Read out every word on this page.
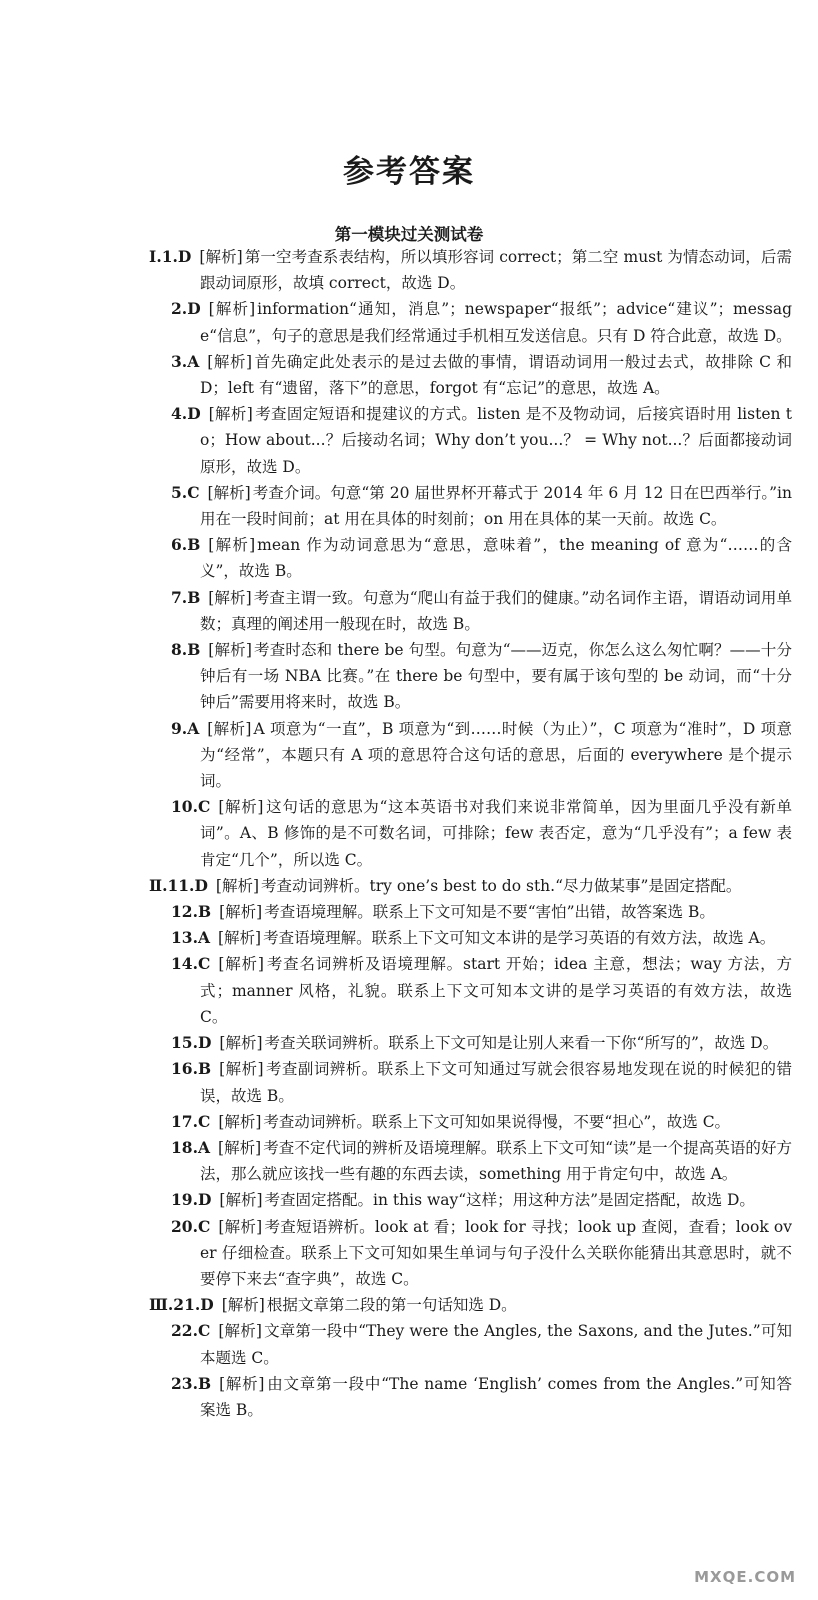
参考答案
第一模块过关测试卷

Ⅰ.1.D [解析] 第一空考查系表结构，所以填形容词 correct；第二空 must 为情态动词，后需跟动词原形，故填 correct，故选 D。

2.D [解析] information“通知，消息”；newspaper“报纸”；advice“建议”；message“信息”，句子的意思是我们经常通过手机相互发送信息。只有 D 符合此意，故选 D。

3.A [解析] 首先确定此处表示的是过去做的事情，谓语动词用一般过去式，故排除 C 和 D；left 有“遗留，落下”的意思，forgot 有“忘记”的意思，故选 A。

4.D [解析] 考查固定短语和提建议的方式。listen 是不及物动词，后接宾语时用 listen to；How about...？后接动名词；Why don’t you...？ = Why not...？后面都接动词原形，故选 D。

5.C [解析] 考查介词。句意“第 20 届世界杯开幕式于 2014 年 6 月 12 日在巴西举行。”in 用在一段时间前；at 用在具体的时刻前；on 用在具体的某一天前。故选 C。

6.B [解析] mean 作为动词意思为“意思，意味着”，the meaning of 意为“……的含义”，故选 B。

7.B [解析] 考查主谓一致。句意为“爬山有益于我们的健康。”动名词作主语，谓语动词用单数；真理的阐述用一般现在时，故选 B。

8.B [解析] 考查时态和 there be 句型。句意为“——迈克，你怎么这么匆忙啊？——十分钟后有一场 NBA 比赛。”在 there be 句型中，要有属于该句型的 be 动词，而“十分钟后”需要用将来时，故选 B。

9.A [解析] A 项意为“一直”，B 项意为“到……时候（为止）”，C 项意为“准时”，D 项意为“经常”，本题只有 A 项的意思符合这句话的意思，后面的 everywhere 是个提示词。

10.C [解析] 这句话的意思为“这本英语书对我们来说非常简单，因为里面几乎没有新单词”。A、B 修饰的是不可数名词，可排除；few 表否定，意为“几乎没有”；a few 表肯定“几个”，所以选 C。

Ⅱ.11.D [解析] 考查动词辨析。try one’s best to do sth.“尽力做某事”是固定搭配。

12.B [解析] 考查语境理解。联系上下文可知是不要“害怕”出错，故答案选 B。

13.A [解析] 考查语境理解。联系上下文可知文本讲的是学习英语的有效方法，故选 A。

14.C [解析] 考查名词辨析及语境理解。start 开始；idea 主意，想法；way 方法，方式；manner 风格，礼貌。联系上下文可知本文讲的是学习英语的有效方法，故选 C。

15.D [解析] 考查关联词辨析。联系上下文可知是让别人来看一下你“所写的”，故选 D。

16.B [解析] 考查副词辨析。联系上下文可知通过写就会很容易地发现在说的时候犯的错误，故选 B。

17.C [解析] 考查动词辨析。联系上下文可知如果说得慢，不要“担心”，故选 C。

18.A [解析] 考查不定代词的辨析及语境理解。联系上下文可知“读”是一个提高英语的好方法，那么就应该找一些有趣的东西去读，something 用于肯定句中，故选 A。

19.D [解析] 考查固定搭配。in this way“这样；用这种方法”是固定搭配，故选 D。

20.C [解析] 考查短语辨析。look at 看；look for 寻找；look up 查阅，查看；look over 仔细检查。联系上下文可知如果生单词与句子没什么关联你能猜出其意思时，就不要停下来去“查字典”，故选 C。

Ⅲ.21.D [解析] 根据文章第二段的第一句话知选 D。

22.C [解析] 文章第一段中“They were the Angles, the Saxons, and the Jutes.”可知本题选 C。

23.B [解析] 由文章第一段中“The name ‘English’ comes from the Angles.”可知答案选 B。

MXQE.COM
